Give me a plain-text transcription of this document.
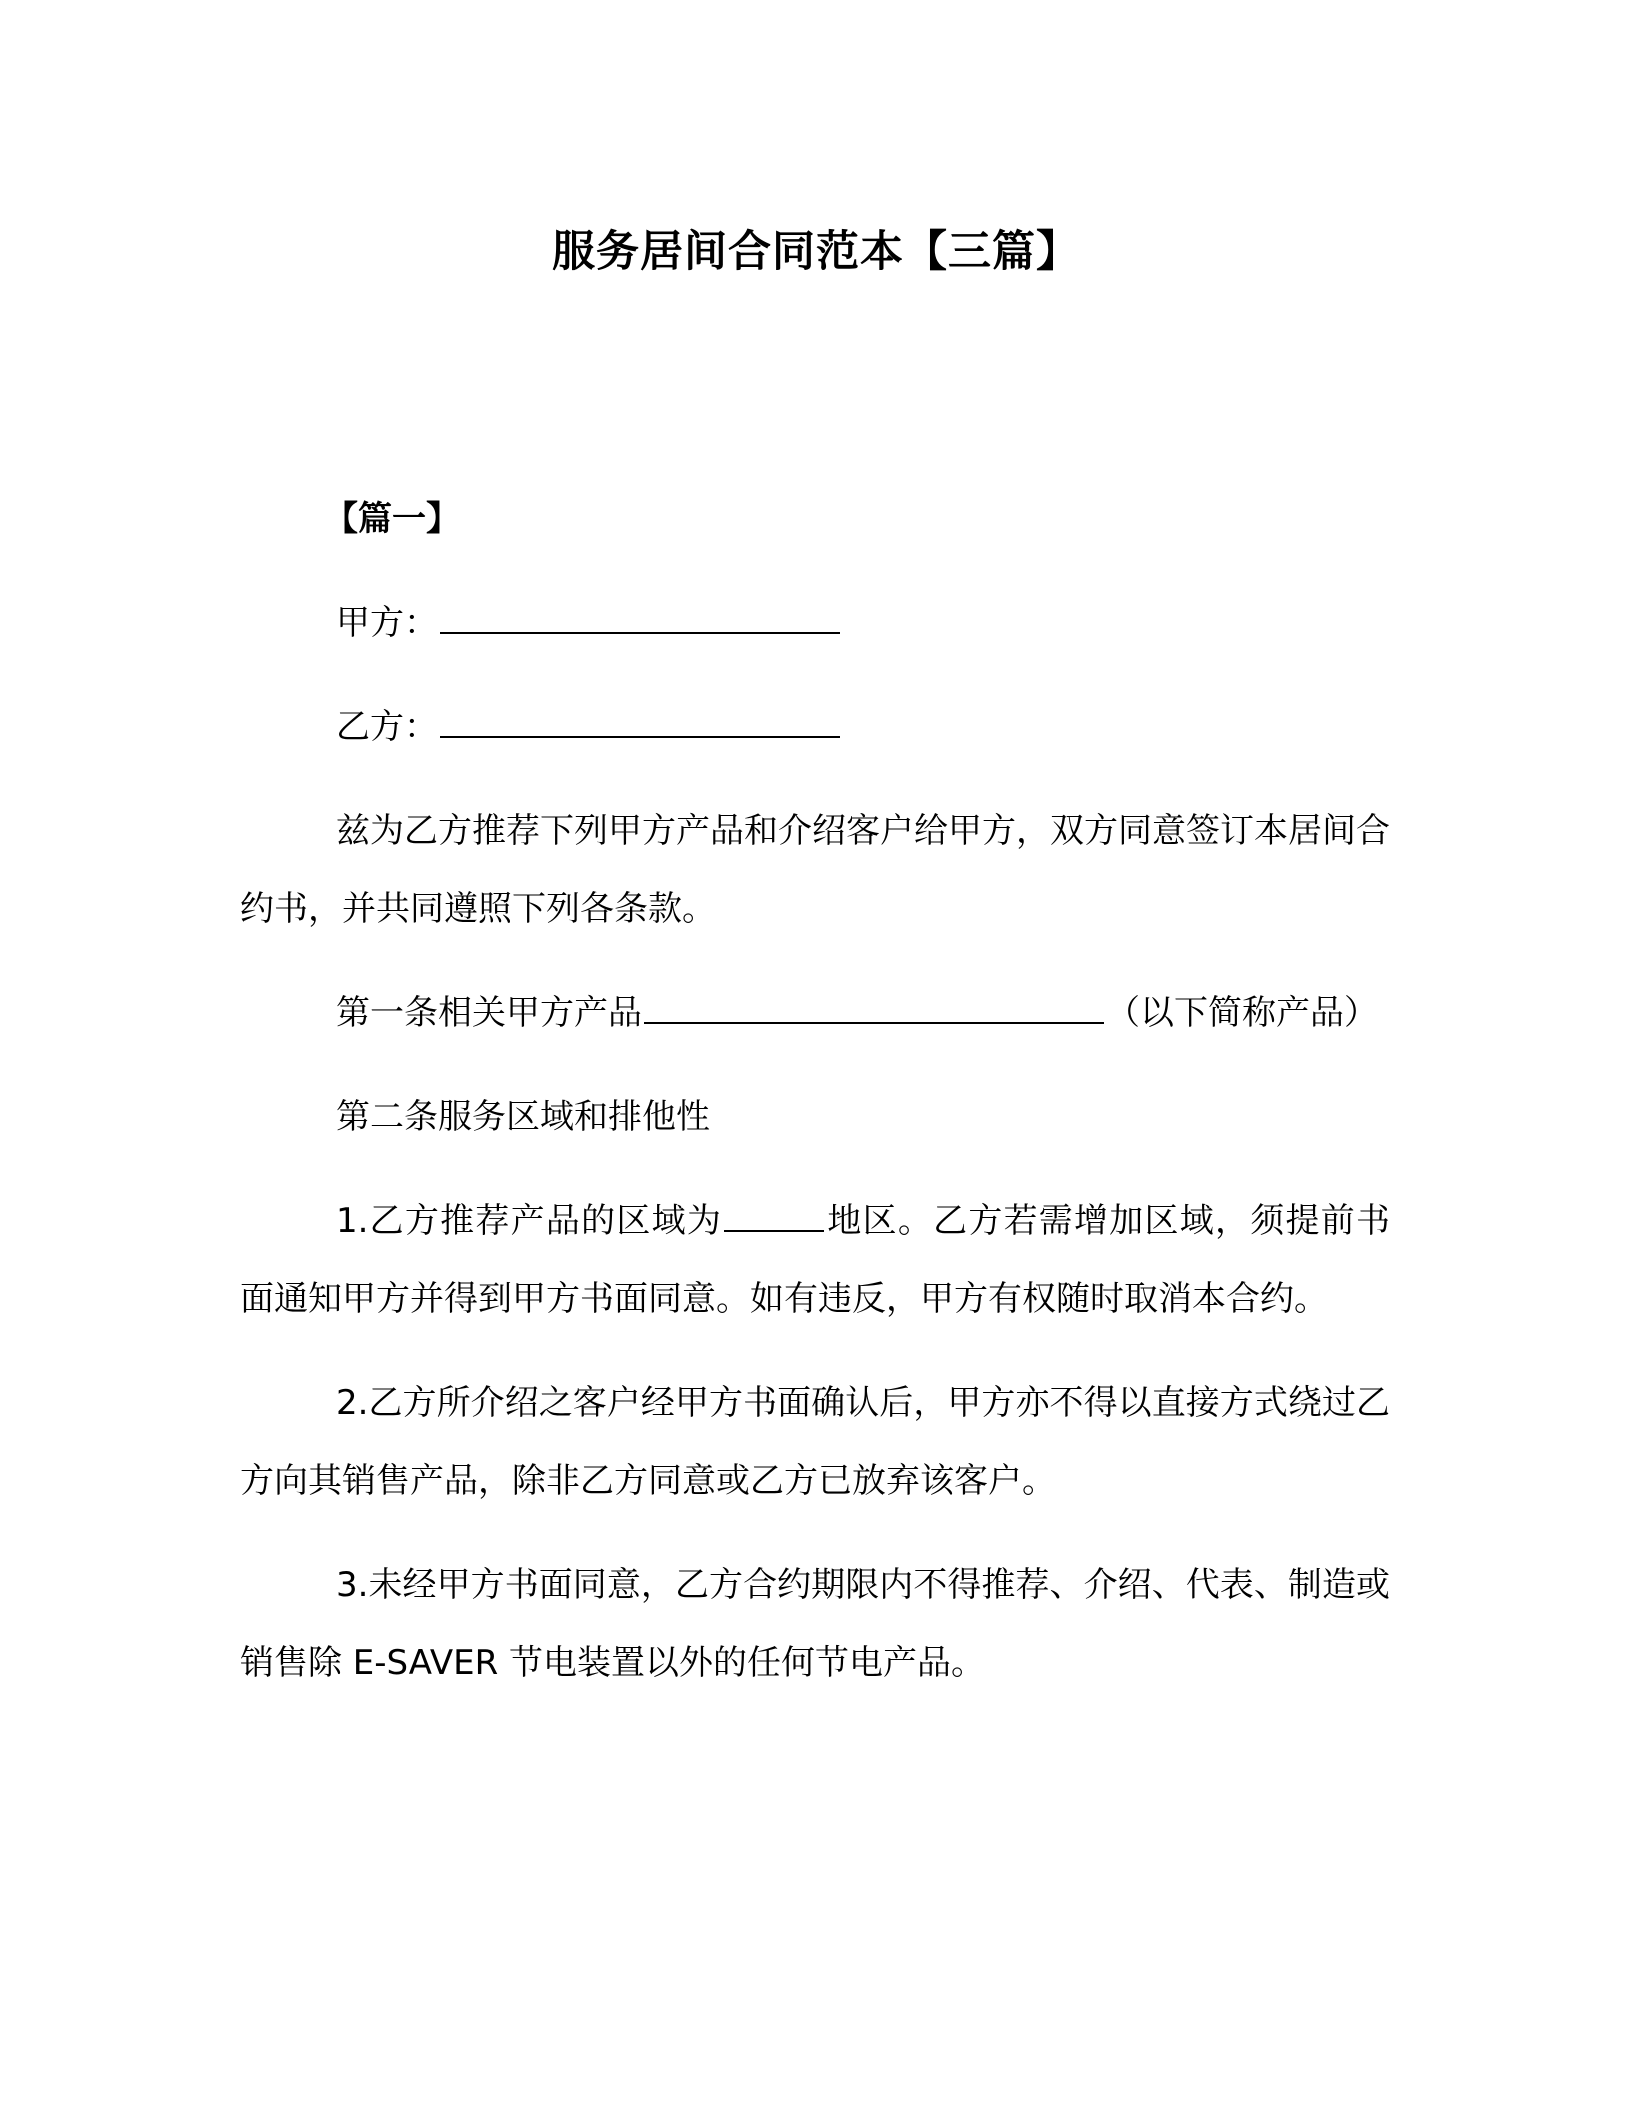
服务居间合同范本【三篇】

【篇一】

甲方：

乙方：

兹为乙方推荐下列甲方产品和介绍客户给甲方，双方同意签订本居间合约书，并共同遵照下列各条款。

第一条相关甲方产品	（以下简称产品）

第二条服务区域和排他性

1.乙方推荐产品的区域为	地区。乙方若需增加区域，须提前书面通知甲方并得到甲方书面同意。如有违反，甲方有权随时取消本合约。

2.乙方所介绍之客户经甲方书面确认后，甲方亦不得以直接方式绕过乙方向其销售产品，除非乙方同意或乙方已放弃该客户。

3.未经甲方书面同意，乙方合约期限内不得推荐、介绍、代表、制造或销售除 E-SAVER 节电装置以外的任何节电产品。
